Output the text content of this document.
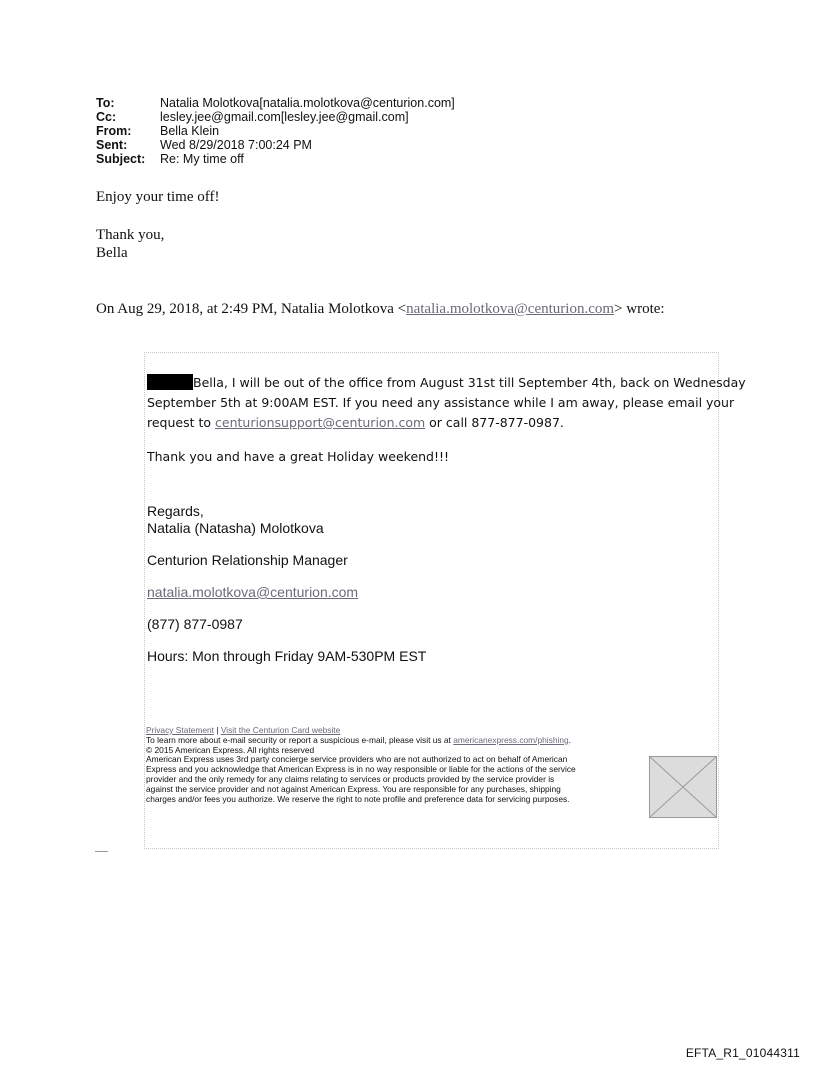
To:	Natalia Molotkova[natalia.molotkova@centurion.com]
Cc:	lesley.jee@gmail.com[lesley.jee@gmail.com]
From:	Bella Klein
Sent:	Wed 8/29/2018 7:00:24 PM
Subject:	Re: My time off
Enjoy your time off!
Thank you,
Bella
On Aug 29, 2018, at 2:49 PM, Natalia Molotkova <natalia.molotkova@centurion.com> wrote:
Bella, I will be out of the office from August 31st till September 4th, back on Wednesday
September 5th at 9:00AM EST. If you need any assistance while I am away, please email your
request to centurionsupport@centurion.com or call 877-877-0987.
Thank you and have a great Holiday weekend!!!
Regards,
Natalia (Natasha) Molotkova
Centurion Relationship Manager
natalia.molotkova@centurion.com
(877) 877-0987
Hours: Mon through Friday 9AM-530PM EST
Privacy Statement | Visit the Centurion Card website
To learn more about e-mail security or report a suspicious e-mail, please visit us at americanexpress.com/phishing.
© 2015 American Express. All rights reserved
American Express uses 3rd party concierge service providers who are not authorized to act on behalf of American
Express and you acknowledge that American Express is in no way responsible or liable for the actions of the service
provider and the only remedy for any claims relating to services or products provided by the service provider is
against the service provider and not against American Express. You are responsible for any purchases, shipping
charges and/or fees you authorize. We reserve the right to note profile and preference data for servicing purposes.
EFTA_R1_01044311
